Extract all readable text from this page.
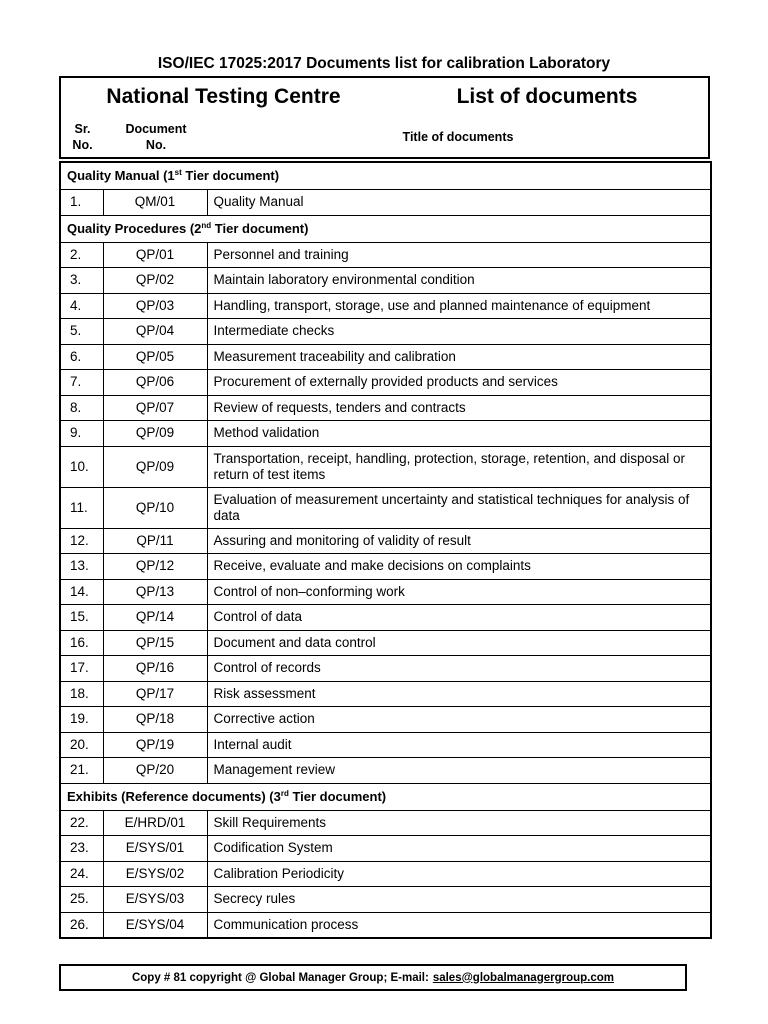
ISO/IEC 17025:2017 Documents list for calibration Laboratory
National Testing Centre	List of documents
Sr.
No.
Document
No.
Title of documents
Quality Manual (1st Tier document)		
1.	QM/01	Quality Manual
Quality Procedures (2nd Tier document)		
2.	QP/01	Personnel and training
3.	QP/02	Maintain laboratory environmental condition
4.	QP/03	Handling, transport, storage, use and planned maintenance of equipment
5.	QP/04	Intermediate checks
6.	QP/05	Measurement traceability and calibration
7.	QP/06	Procurement of externally provided products and services
8.	QP/07	Review of requests, tenders and contracts
9.	QP/09	Method validation
10.	QP/09	Transportation, receipt, handling, protection, storage, retention, and disposal or return of test items
11.	QP/10	Evaluation of measurement uncertainty and statistical techniques for analysis of data
12.	QP/11	Assuring and monitoring of validity of result
13.	QP/12	Receive, evaluate and make decisions on complaints
14.	QP/13	Control of non–conforming work
15.	QP/14	Control of data
16.	QP/15	Document and data control
17.	QP/16	Control of records
18.	QP/17	Risk assessment
19.	QP/18	Corrective action
20.	QP/19	Internal audit
21.	QP/20	Management review
Exhibits (Reference documents) (3rd Tier document)		
22.	E/HRD/01	Skill Requirements
23.	E/SYS/01	Codification System
24.	E/SYS/02	Calibration Periodicity
25.	E/SYS/03	Secrecy rules
26.	E/SYS/04	Communication process
Copy # 81 copyright @ Global Manager Group; E-mail: sales@globalmanagergroup.com
